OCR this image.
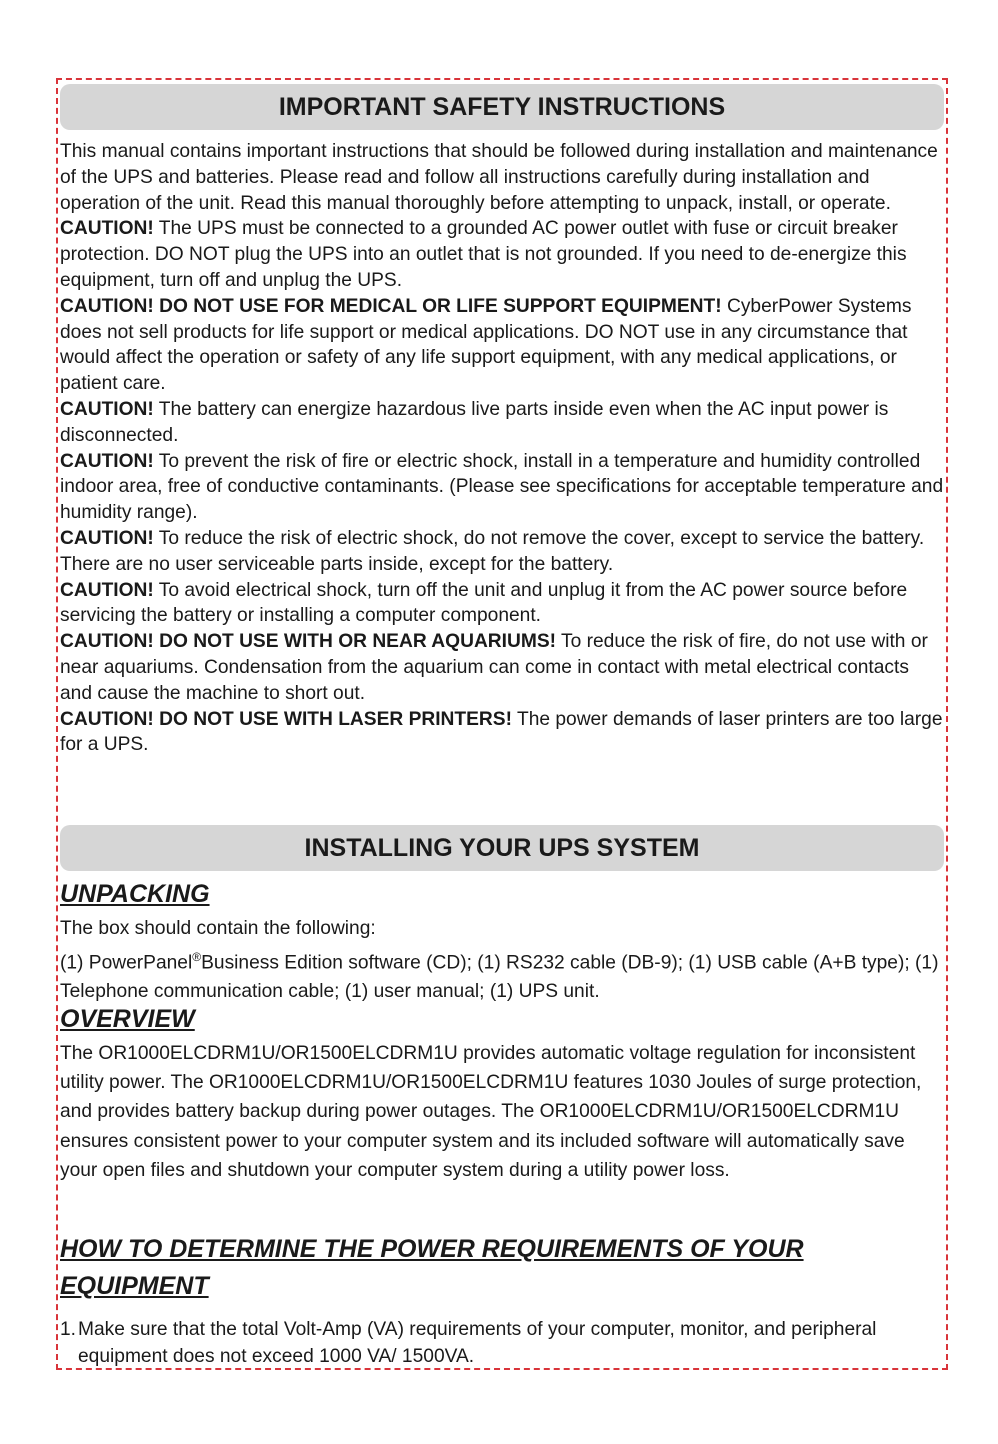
IMPORTANT SAFETY INSTRUCTIONS

This manual contains important instructions that should be followed during installation and maintenance of the UPS and batteries. Please read and follow all instructions carefully during installation and operation of the unit. Read this manual thoroughly before attempting to unpack, install, or operate.

CAUTION! The UPS must be connected to a grounded AC power outlet with fuse or circuit breaker protection. DO NOT plug the UPS into an outlet that is not grounded. If you need to de-energize this equipment, turn off and unplug the UPS.

CAUTION! DO NOT USE FOR MEDICAL OR LIFE SUPPORT EQUIPMENT! CyberPower Systems does not sell products for life support or medical applications. DO NOT use in any circumstance that would affect the operation or safety of any life support equipment, with any medical applications, or patient care.

CAUTION! The battery can energize hazardous live parts inside even when the AC input power is disconnected.

CAUTION! To prevent the risk of fire or electric shock, install in a temperature and humidity controlled indoor area, free of conductive contaminants. (Please see specifications for acceptable temperature and humidity range).

CAUTION! To reduce the risk of electric shock, do not remove the cover, except to service the battery. There are no user serviceable parts inside, except for the battery.

CAUTION! To avoid electrical shock, turn off the unit and unplug it from the AC power source before servicing the battery or installing a computer component.

CAUTION! DO NOT USE WITH OR NEAR AQUARIUMS! To reduce the risk of fire, do not use with or near aquariums. Condensation from the aquarium can come in contact with metal electrical contacts and cause the machine to short out.

CAUTION! DO NOT USE WITH LASER PRINTERS! The power demands of laser printers are too large for a UPS.

INSTALLING YOUR UPS SYSTEM
UNPACKING

The box should contain the following:

(1) PowerPanel®Business Edition software (CD); (1) RS232 cable (DB-9); (1) USB cable (A+B type); (1) Telephone communication cable; (1) user manual; (1) UPS unit.

OVERVIEW

The OR1000ELCDRM1U/OR1500ELCDRM1U provides automatic voltage regulation for inconsistent utility power. The OR1000ELCDRM1U/OR1500ELCDRM1U features 1030 Joules of surge protection, and provides battery backup during power outages. The OR1000ELCDRM1U/OR1500ELCDRM1U ensures consistent power to your computer system and its included software will automatically save your open files and shutdown your computer system during a utility power loss.

HOW TO DETERMINE THE POWER REQUIREMENTS OF YOUR EQUIPMENT
1. Make sure that the total Volt-Amp (VA) requirements of your computer, monitor, and peripheral equipment does not exceed 1000 VA/ 1500VA.
